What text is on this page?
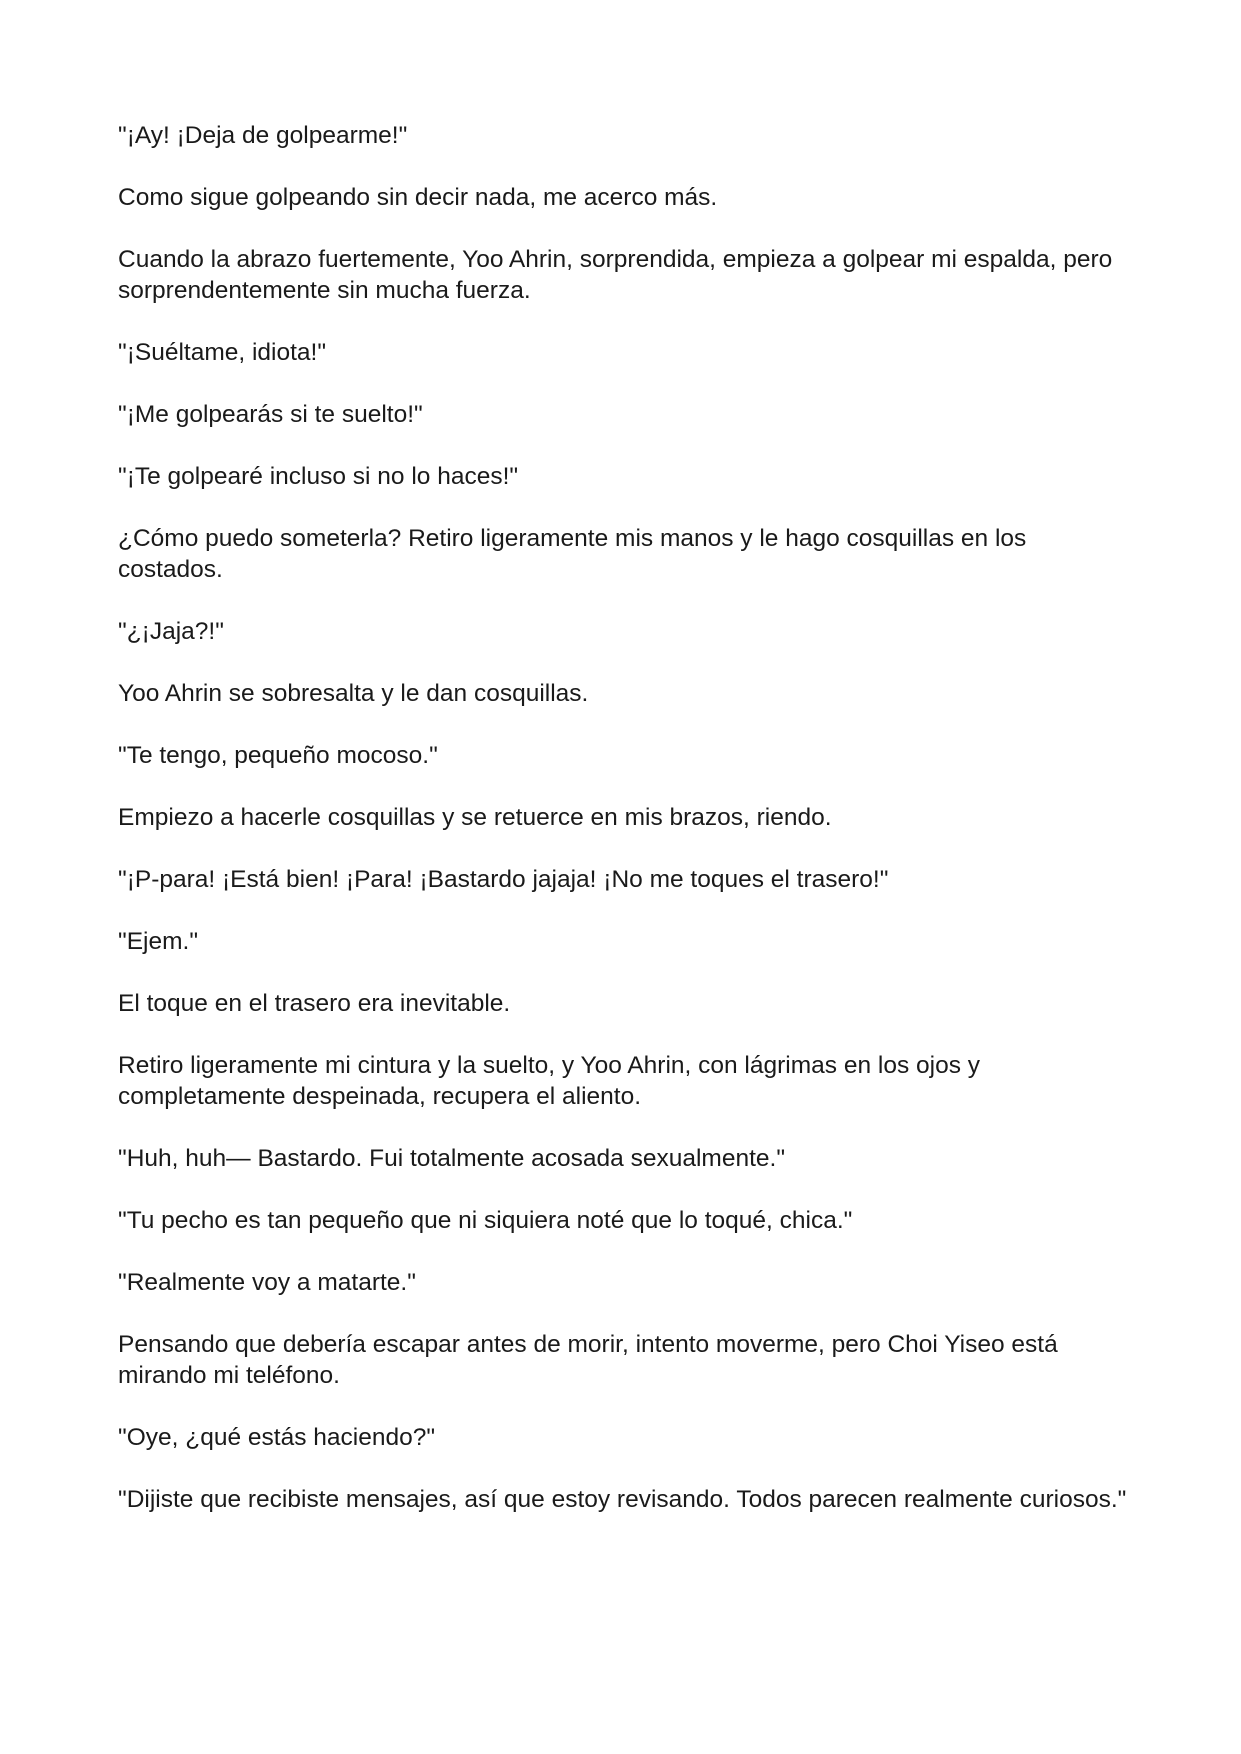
"¡Ay! ¡Deja de golpearme!"

Como sigue golpeando sin decir nada, me acerco más.

Cuando la abrazo fuertemente, Yoo Ahrin, sorprendida, empieza a golpear mi espalda, pero sorprendentemente sin mucha fuerza.

"¡Suéltame, idiota!"

"¡Me golpearás si te suelto!"

"¡Te golpearé incluso si no lo haces!"

¿Cómo puedo someterla? Retiro ligeramente mis manos y le hago cosquillas en los costados.

"¿¡Jaja?!"

Yoo Ahrin se sobresalta y le dan cosquillas.

"Te tengo, pequeño mocoso."

Empiezo a hacerle cosquillas y se retuerce en mis brazos, riendo.

"¡P-para! ¡Está bien! ¡Para! ¡Bastardo jajaja! ¡No me toques el trasero!"

"Ejem."

El toque en el trasero era inevitable.

Retiro ligeramente mi cintura y la suelto, y Yoo Ahrin, con lágrimas en los ojos y completamente despeinada, recupera el aliento.

"Huh, huh— Bastardo. Fui totalmente acosada sexualmente."

"Tu pecho es tan pequeño que ni siquiera noté que lo toqué, chica."

"Realmente voy a matarte."

Pensando que debería escapar antes de morir, intento moverme, pero Choi Yiseo está mirando mi teléfono.

"Oye, ¿qué estás haciendo?"

"Dijiste que recibiste mensajes, así que estoy revisando. Todos parecen realmente curiosos."
